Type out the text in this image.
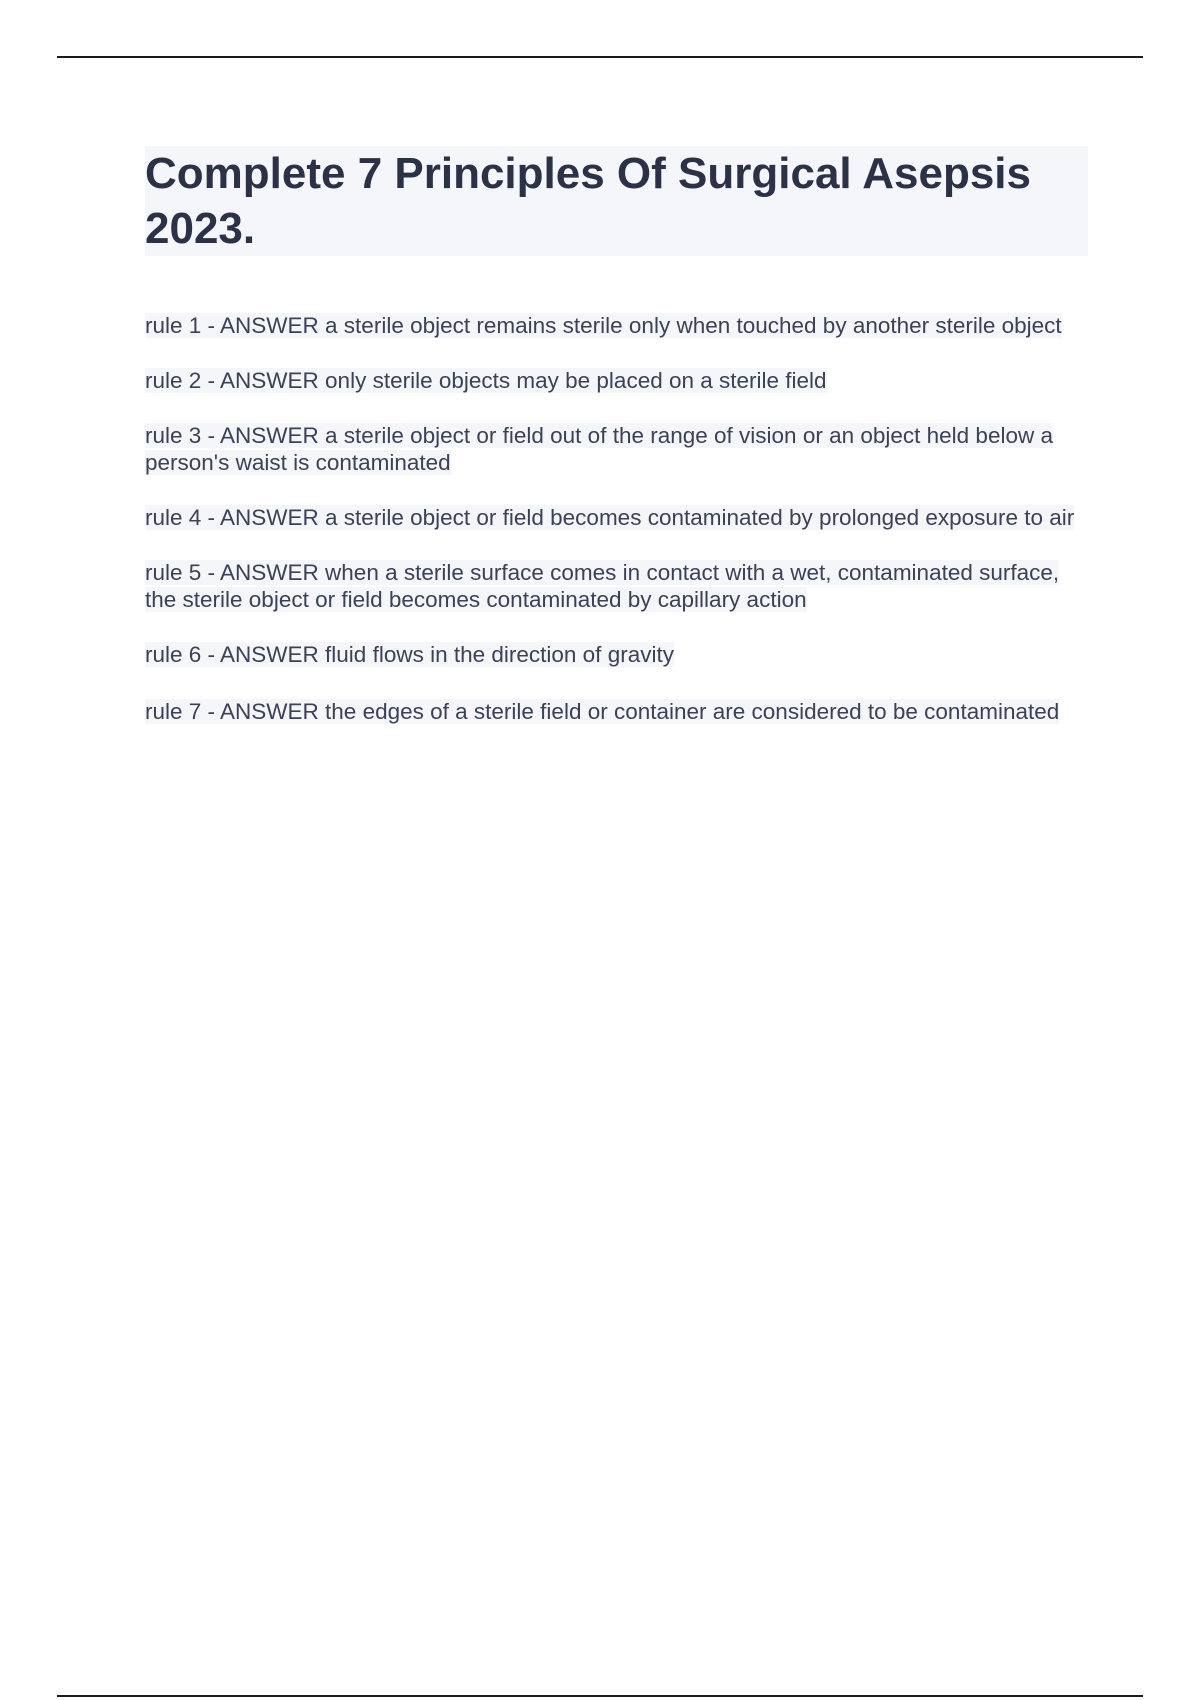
Complete 7 Principles Of Surgical Asepsis 2023.

rule 1 - ANSWER a sterile object remains sterile only when touched by another sterile object

rule 2 - ANSWER only sterile objects may be placed on a sterile field

rule 3 - ANSWER a sterile object or field out of the range of vision or an object held below a person's waist is contaminated

rule 4 - ANSWER a sterile object or field becomes contaminated by prolonged exposure to air

rule 5 - ANSWER when a sterile surface comes in contact with a wet, contaminated surface, the sterile object or field becomes contaminated by capillary action

rule 6 - ANSWER fluid flows in the direction of gravity

rule 7 - ANSWER the edges of a sterile field or container are considered to be contaminated
